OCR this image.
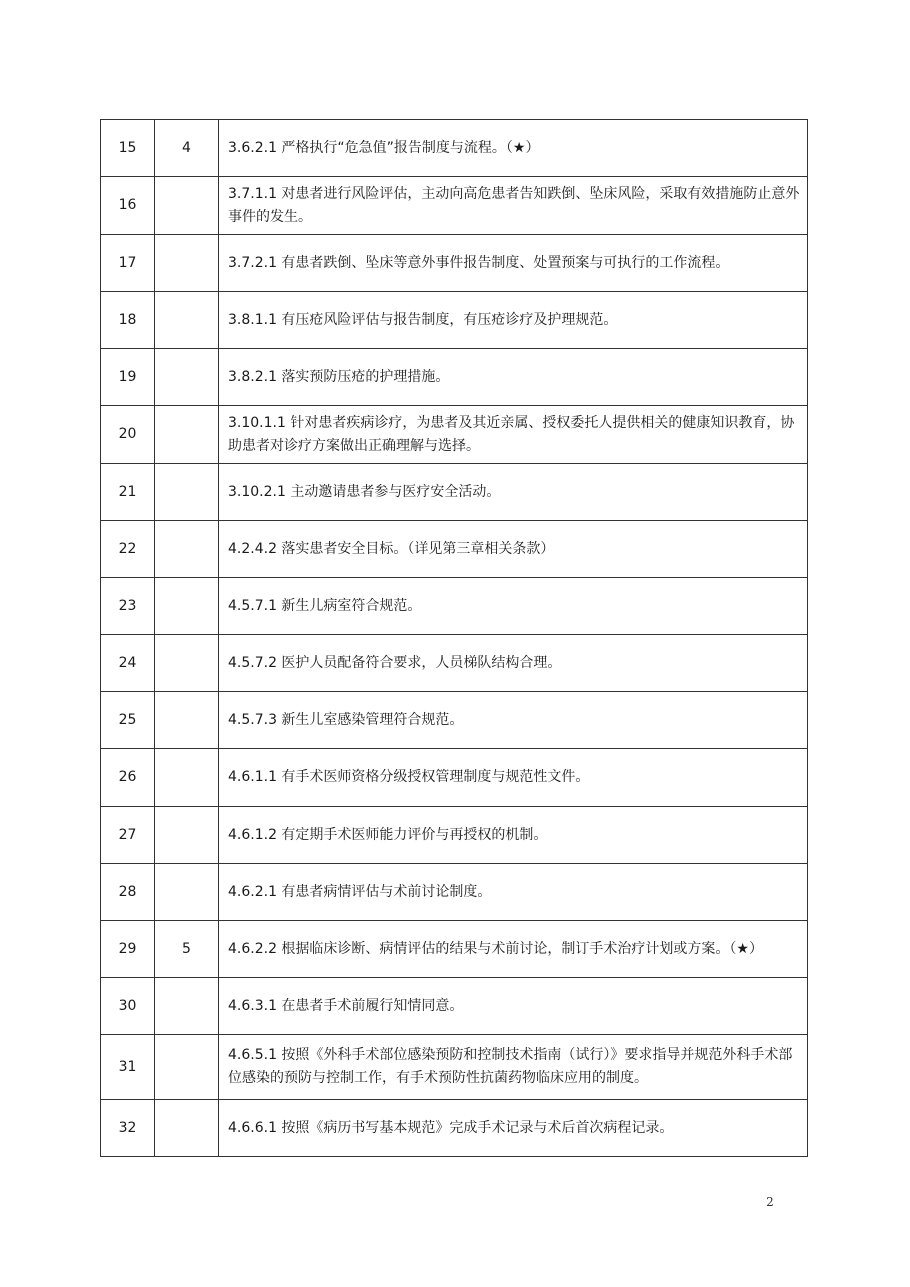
15	4	3.6.2.1 严格执行“危急值”报告制度与流程。（★）
16		3.7.1.1 对患者进行风险评估，主动向高危患者告知跌倒、坠床风险，采取有效措施防止意外事件的发生。
17		3.7.2.1 有患者跌倒、坠床等意外事件报告制度、处置预案与可执行的工作流程。
18		3.8.1.1 有压疮风险评估与报告制度，有压疮诊疗及护理规范。
19		3.8.2.1 落实预防压疮的护理措施。
20		3.10.1.1 针对患者疾病诊疗，为患者及其近亲属、授权委托人提供相关的健康知识教育，协助患者对诊疗方案做出正确理解与选择。
21		3.10.2.1 主动邀请患者参与医疗安全活动。
22		4.2.4.2 落实患者安全目标。（详见第三章相关条款）
23		4.5.7.1 新生儿病室符合规范。
24		4.5.7.2 医护人员配备符合要求，人员梯队结构合理。
25		4.5.7.3 新生儿室感染管理符合规范。
26		4.6.1.1 有手术医师资格分级授权管理制度与规范性文件。
27		4.6.1.2 有定期手术医师能力评价与再授权的机制。
28		4.6.2.1 有患者病情评估与术前讨论制度。
29	5	4.6.2.2 根据临床诊断、病情评估的结果与术前讨论，制订手术治疗计划或方案。（★）
30		4.6.3.1 在患者手术前履行知情同意。
31		4.6.5.1 按照《外科手术部位感染预防和控制技术指南（试行）》要求指导并规范外科手术部位感染的预防与控制工作，有手术预防性抗菌药物临床应用的制度。
32		4.6.6.1 按照《病历书写基本规范》完成手术记录与术后首次病程记录。
2
